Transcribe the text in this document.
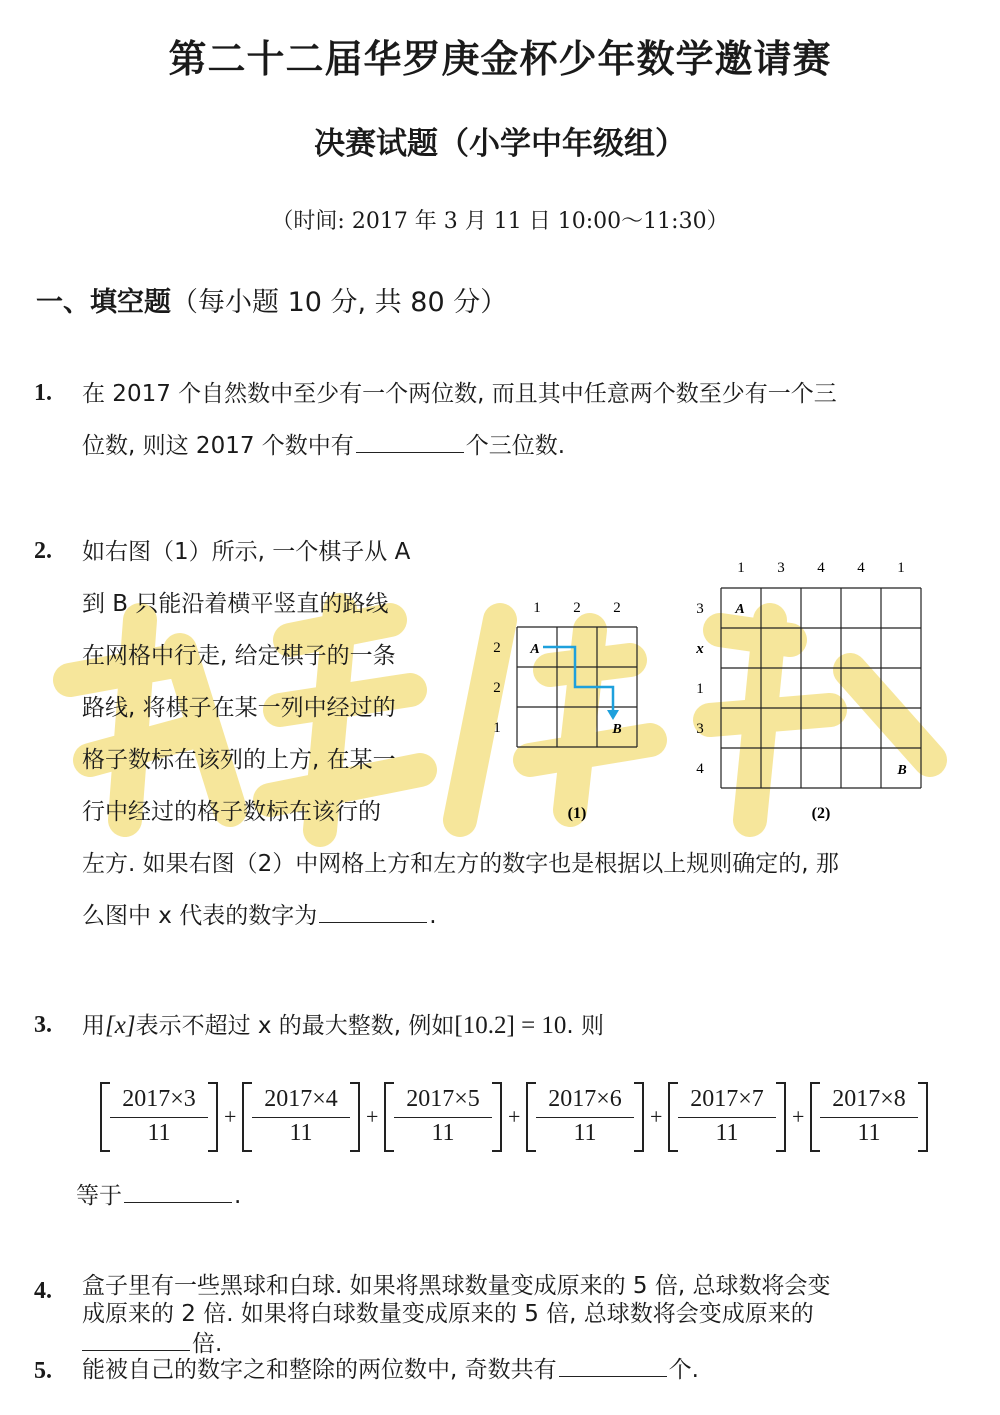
第二十二届华罗庚金杯少年数学邀请赛
决赛试题（小学中年级组）
（时间: 2017 年 3 月 11 日 10:00～11:30）
一、填空题（每小题 10 分, 共 80 分）
1. 在 2017 个自然数中至少有一个两位数, 而且其中任意两个数至少有一个三
位数, 则这 2017 个数中有	个三位数.
2. 如右图（1）所示, 一个棋子从 A
到 B 只能沿着横平竖直的路线
在网格中行走, 给定棋子的一条
路线, 将棋子在某一列中经过的
格子数标在该列的上方, 在某一
行中经过的格子数标在该行的
左方. 如果右图（2）中网格上方和左方的数字也是根据以上规则确定的, 那
么图中 x 代表的数字为	.
1 2 2
2
2
1
A
B
(1)
1 3 4 4 1
3
x
1
3
4
A
B
(2)
3. 用[x]表示不超过 x 的最大整数, 例如[10.2] = 10. 则
2017×3
11
+
2017×4
11
+
2017×5
11
+
2017×6
11
+
2017×7
11
+
2017×8
11
等于	.
4. 盒子里有一些黑球和白球. 如果将黑球数量变成原来的 5 倍, 总球数将会变
成原来的 2 倍. 如果将白球数量变成原来的 5 倍, 总球数将会变成原来的
倍.
5. 能被自己的数字之和整除的两位数中, 奇数共有	个.
